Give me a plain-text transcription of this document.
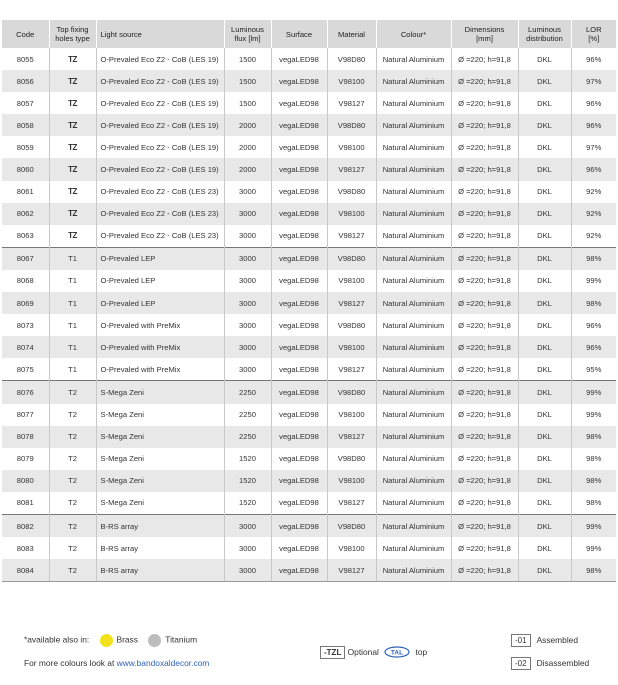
Code	Top fixing
holes type	Light source	Luminous
flux [lm]	Surface	Material	Colour*	Dimensions
[mm]	Luminous
distribution	LOR
[%]
8055	TZ	O-Prevaled Eco Z2 - CoB (LES 19)	1500	vegaLED98	V98D80	Natural Aluminium	Ø =220; h=91,8	DKL	96%
8056	TZ	O-Prevaled Eco Z2 - CoB (LES 19)	1500	vegaLED98	V98100	Natural Aluminium	Ø =220; h=91,8	DKL	97%
8057	TZ	O-Prevaled Eco Z2 - CoB (LES 19)	1500	vegaLED98	V98127	Natural Aluminium	Ø =220; h=91,8	DKL	96%
8058	TZ	O-Prevaled Eco Z2 - CoB (LES 19)	2000	vegaLED98	V98D80	Natural Aluminium	Ø =220; h=91,8	DKL	96%
8059	TZ	O-Prevaled Eco Z2 - CoB (LES 19)	2000	vegaLED98	V98100	Natural Aluminium	Ø =220; h=91,8	DKL	97%
8060	TZ	O-Prevaled Eco Z2 - CoB (LES 19)	2000	vegaLED98	V98127	Natural Aluminium	Ø =220; h=91,8	DKL	96%
8061	TZ	O-Prevaled Eco Z2 - CoB (LES 23)	3000	vegaLED98	V98D80	Natural Aluminium	Ø =220; h=91,8	DKL	92%
8062	TZ	O-Prevaled Eco Z2 - CoB (LES 23)	3000	vegaLED98	V98100	Natural Aluminium	Ø =220; h=91,8	DKL	92%
8063	TZ	O-Prevaled Eco Z2 - CoB (LES 23)	3000	vegaLED98	V98127	Natural Aluminium	Ø =220; h=91,8	DKL	92%
8067	T1	O-Prevaled LEP	3000	vegaLED98	V98D80	Natural Aluminium	Ø =220; h=91,8	DKL	98%
8068	T1	O-Prevaled LEP	3000	vegaLED98	V98100	Natural Aluminium	Ø =220; h=91,8	DKL	99%
8069	T1	O-Prevaled LEP	3000	vegaLED98	V98127	Natural Aluminium	Ø =220; h=91,8	DKL	98%
8073	T1	O-Prevaled with PreMix	3000	vegaLED98	V98D80	Natural Aluminium	Ø =220; h=91,8	DKL	96%
8074	T1	O-Prevaled with PreMix	3000	vegaLED98	V98100	Natural Aluminium	Ø =220; h=91,8	DKL	96%
8075	T1	O-Prevaled with PreMix	3000	vegaLED98	V98127	Natural Aluminium	Ø =220; h=91,8	DKL	95%
8076	T2	S-Mega Zeni	2250	vegaLED98	V98D80	Natural Aluminium	Ø =220; h=91,8	DKL	99%
8077	T2	S-Mega Zeni	2250	vegaLED98	V98100	Natural Aluminium	Ø =220; h=91,8	DKL	99%
8078	T2	S-Mega Zeni	2250	vegaLED98	V98127	Natural Aluminium	Ø =220; h=91,8	DKL	98%
8079	T2	S-Mega Zeni	1520	vegaLED98	V98D80	Natural Aluminium	Ø =220; h=91,8	DKL	98%
8080	T2	S-Mega Zeni	1520	vegaLED98	V98100	Natural Aluminium	Ø =220; h=91,8	DKL	98%
8081	T2	S-Mega Zeni	1520	vegaLED98	V98127	Natural Aluminium	Ø =220; h=91,8	DKL	98%
8082	T2	B-RS array	3000	vegaLED98	V98D80	Natural Aluminium	Ø =220; h=91,8	DKL	99%
8083	T2	B-RS array	3000	vegaLED98	V98100	Natural Aluminium	Ø =220; h=91,8	DKL	99%
8084	T2	B-RS array	3000	vegaLED98	V98127	Natural Aluminium	Ø =220; h=91,8	DKL	98%
*available also in:	Brass	Titanium
For more colours look at www.bandoxaldecor.com
-TZL Optional TAL top
-01 Assembled
-02 Disassembled
